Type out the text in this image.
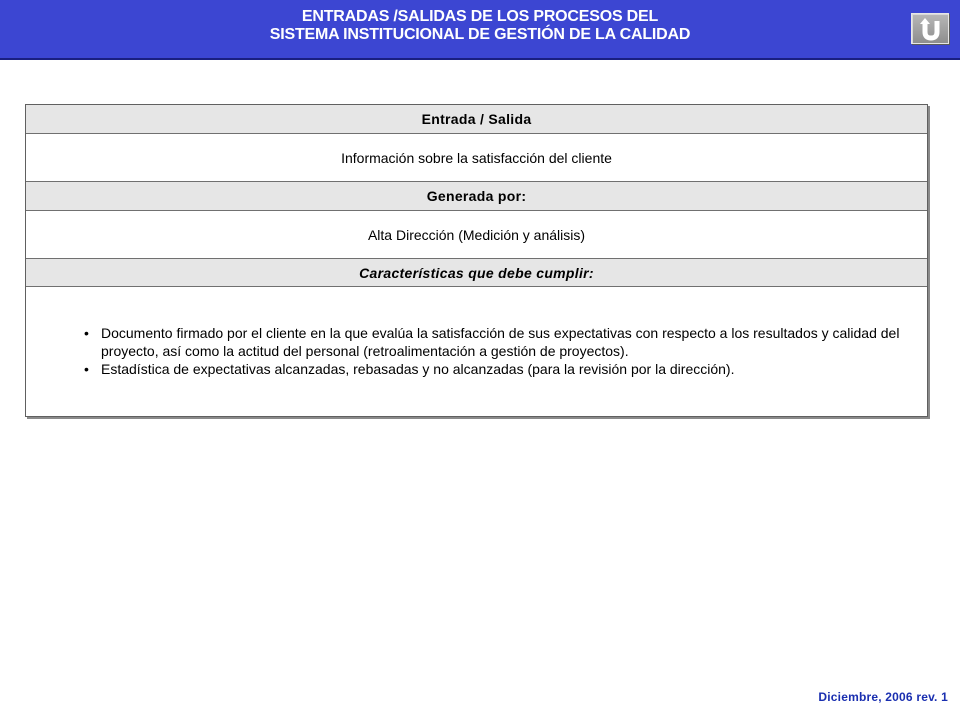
ENTRADAS /SALIDAS DE LOS PROCESOS DEL
SISTEMA INSTITUCIONAL DE GESTIÓN DE LA CALIDAD
Entrada / Salida
Información sobre la satisfacción del cliente
Generada por:
Alta Dirección (Medición y análisis)
Características que debe cumplir:
• Documento firmado por el cliente en la que evalúa la satisfacción de sus expectativas con respecto a los resultados y calidad del proyecto, así como la actitud del personal (retroalimentación a gestión de proyectos).
• Estadística de expectativas alcanzadas, rebasadas y no alcanzadas (para la revisión por la dirección).
Diciembre, 2006 rev. 1
